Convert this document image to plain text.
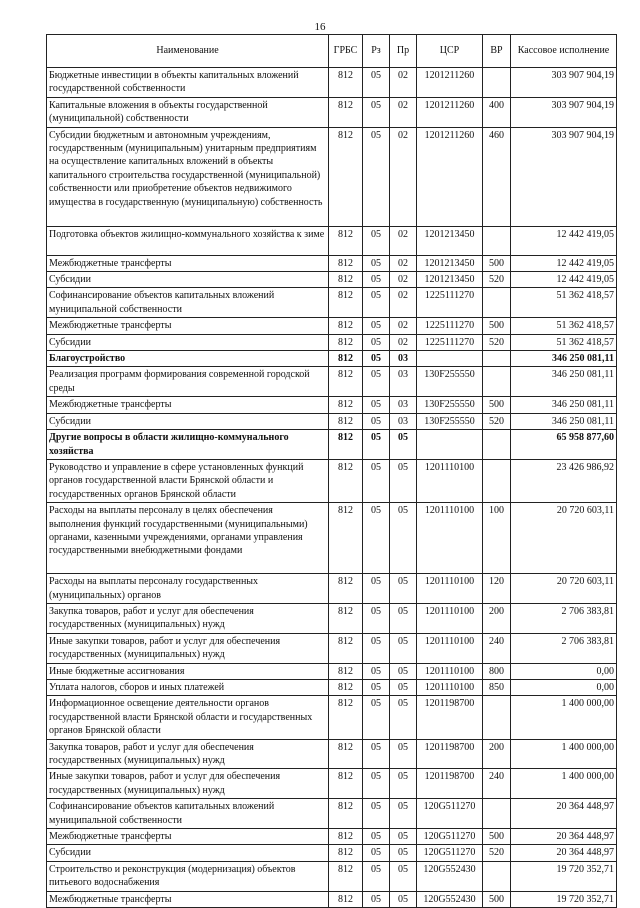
16
Наименование	ГРБС	Рз	Пр	ЦСР	ВР	Кассовое исполнение
Бюджетные инвестиции в объекты капитальных вложений государственной собственности	812	05	02	1201211260		303 907 904,19
Капитальные вложения в объекты государственной (муниципальной) собственности	812	05	02	1201211260	400	303 907 904,19
Субсидии бюджетным и автономным учреждениям, государственным (муниципальным) унитарным предприятиям на осуществление капитальных вложений в объекты капитального строительства государственной (муниципальной) собственности или приобретение объектов недвижимого имущества в государственную (муниципальную) собственность	812	05	02	1201211260	460	303 907 904,19
Подготовка объектов жилищно-коммунального хозяйства к зиме	812	05	02	1201213450		12 442 419,05
Межбюджетные трансферты	812	05	02	1201213450	500	12 442 419,05
Субсидии	812	05	02	1201213450	520	12 442 419,05
Софинансирование объектов капитальных вложений муниципальной собственности	812	05	02	1225111270		51 362 418,57
Межбюджетные трансферты	812	05	02	1225111270	500	51 362 418,57
Субсидии	812	05	02	1225111270	520	51 362 418,57
Благоустройство	812	05	03			346 250 081,11
Реализация программ формирования современной городской среды	812	05	03	130F255550		346 250 081,11
Межбюджетные трансферты	812	05	03	130F255550	500	346 250 081,11
Субсидии	812	05	03	130F255550	520	346 250 081,11
Другие вопросы в области жилищно-коммунального хозяйства	812	05	05			65 958 877,60
Руководство и управление в сфере установленных функций органов государственной власти Брянской области и государственных органов Брянской области	812	05	05	1201110100		23 426 986,92
Расходы на выплаты персоналу в целях обеспечения выполнения функций государственными (муниципальными) органами, казенными учреждениями, органами управления государственными внебюджетными фондами	812	05	05	1201110100	100	20 720 603,11
Расходы на выплаты персоналу государственных (муниципальных) органов	812	05	05	1201110100	120	20 720 603,11
Закупка товаров, работ и услуг для обеспечения государственных (муниципальных) нужд	812	05	05	1201110100	200	2 706 383,81
Иные закупки товаров, работ и услуг для обеспечения государственных (муниципальных) нужд	812	05	05	1201110100	240	2 706 383,81
Иные бюджетные ассигнования	812	05	05	1201110100	800	0,00
Уплата налогов, сборов и иных платежей	812	05	05	1201110100	850	0,00
Информационное освещение деятельности органов государственной власти Брянской области и государственных органов Брянской области	812	05	05	1201198700		1 400 000,00
Закупка товаров, работ и услуг для обеспечения государственных (муниципальных) нужд	812	05	05	1201198700	200	1 400 000,00
Иные закупки товаров, работ и услуг для обеспечения государственных (муниципальных) нужд	812	05	05	1201198700	240	1 400 000,00
Софинансирование объектов капитальных вложений муниципальной собственности	812	05	05	120G511270		20 364 448,97
Межбюджетные трансферты	812	05	05	120G511270	500	20 364 448,97
Субсидии	812	05	05	120G511270	520	20 364 448,97
Строительство и реконструкция (модернизация) объектов питьевого водоснабжения	812	05	05	120G552430		19 720 352,71
Межбюджетные трансферты	812	05	05	120G552430	500	19 720 352,71
